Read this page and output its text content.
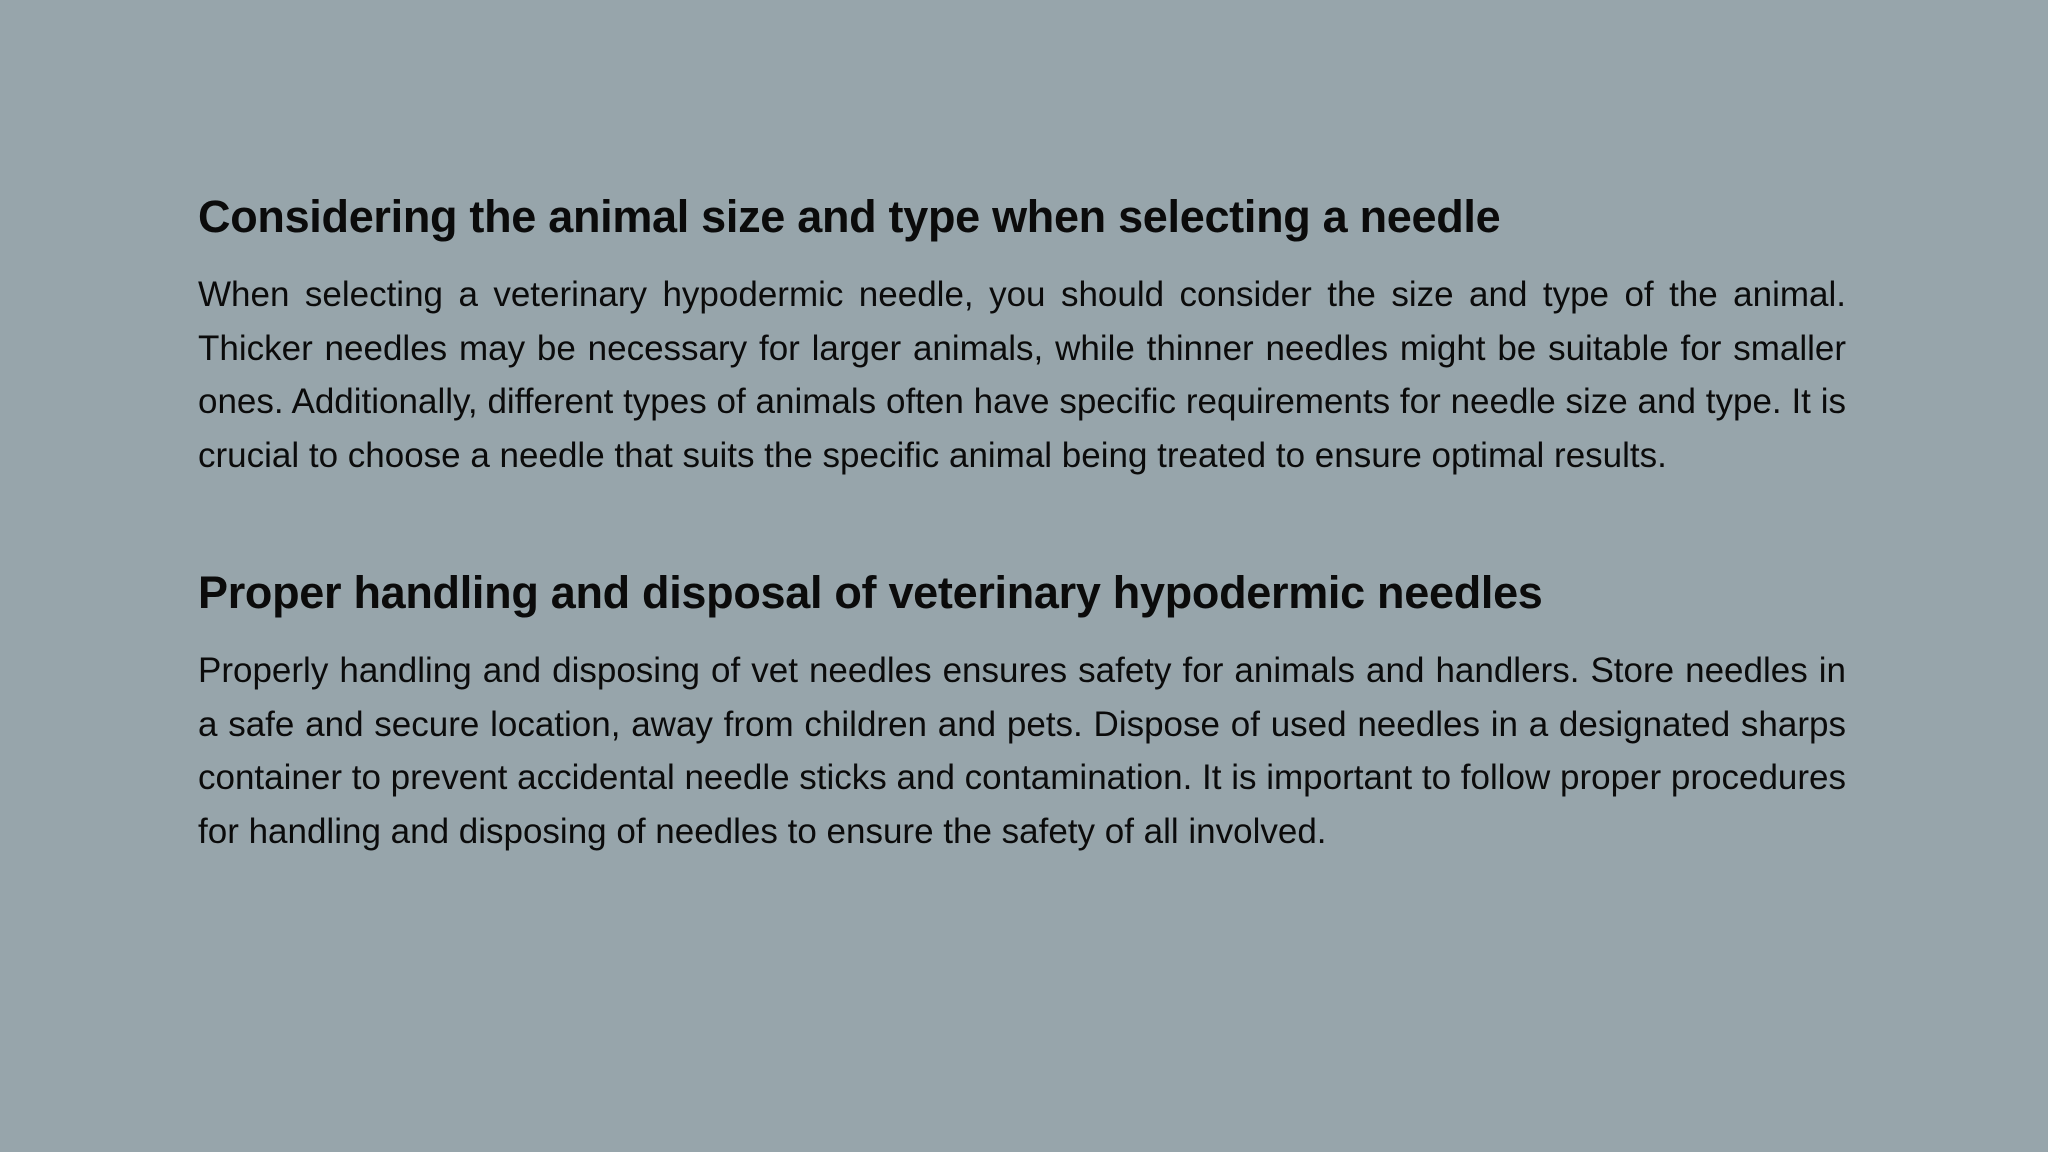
Considering the animal size and type when selecting a needle

When selecting a veterinary hypodermic needle, you should consider the size and type of the animal. Thicker needles may be necessary for larger animals, while thinner needles might be suitable for smaller ones. Additionally, different types of animals often have specific requirements for needle size and type. It is crucial to choose a needle that suits the specific animal being treated to ensure optimal results.

Proper handling and disposal of veterinary hypodermic needles

Properly handling and disposing of vet needles ensures safety for animals and handlers. Store needles in a safe and secure location, away from children and pets. Dispose of used needles in a designated sharps container to prevent accidental needle sticks and contamination. It is important to follow proper procedures for handling and disposing of needles to ensure the safety of all involved.
